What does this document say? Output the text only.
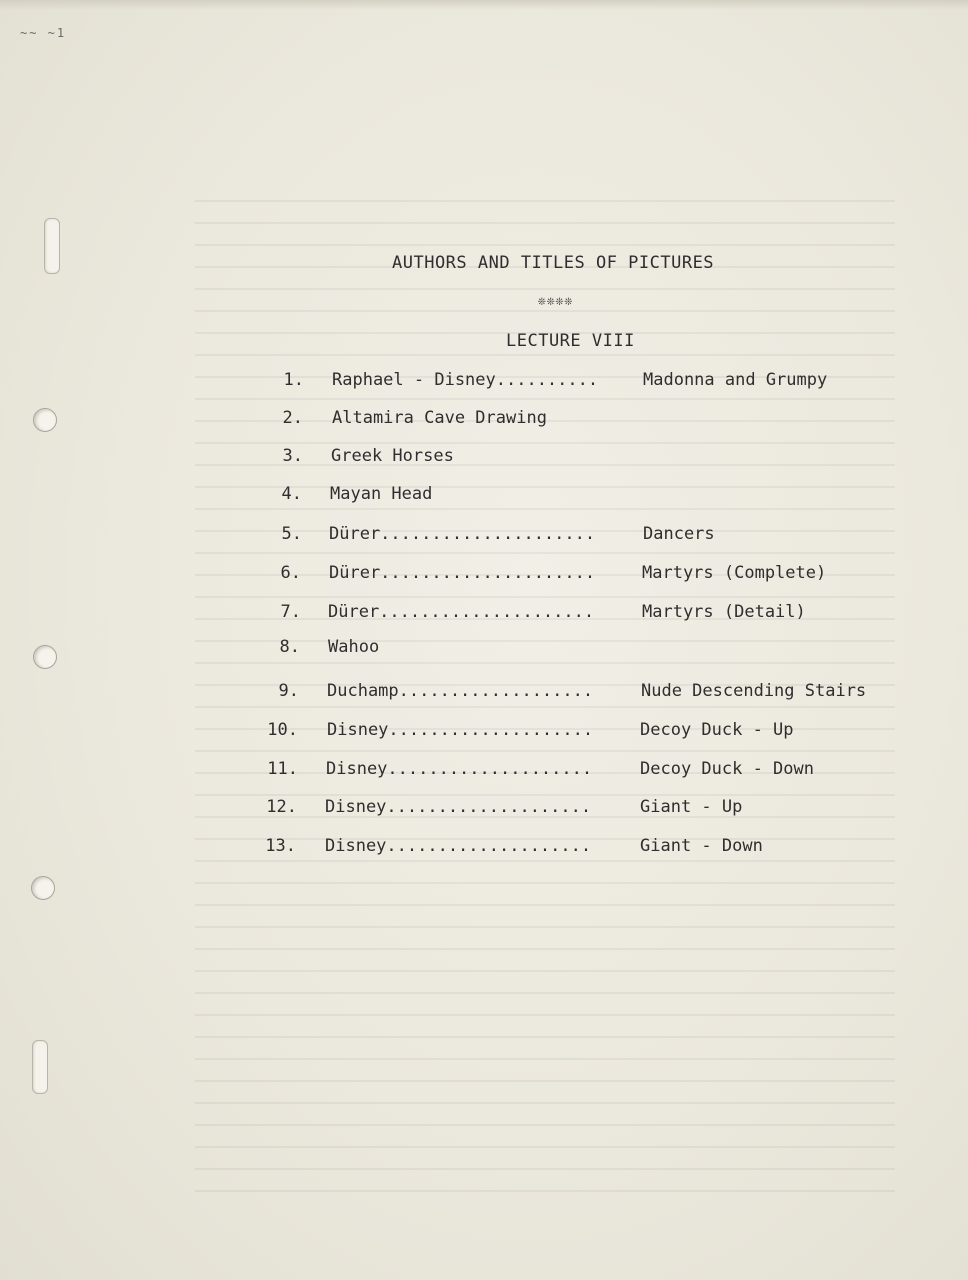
~~ ~1
AUTHORS AND TITLES OF PICTURES
❊❊❊❊
LECTURE VIII
1. Raphael - Disney..........	Madonna and Grumpy
2. Altamira Cave Drawing
3. Greek Horses
4. Mayan Head
5. Dürer.....................	Dancers
6. Dürer.....................	Martyrs (Complete)
7. Dürer.....................	Martyrs (Detail)
8. Wahoo
9. Duchamp...................	Nude Descending Stairs
10. Disney....................	Decoy Duck - Up
11. Disney....................	Decoy Duck - Down
12. Disney....................	Giant - Up
13. Disney....................	Giant - Down
